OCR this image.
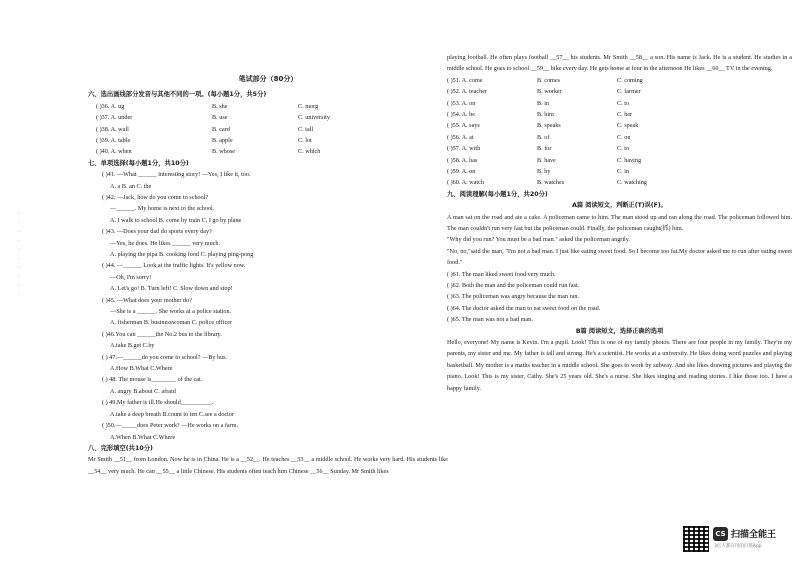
· · · · · · · · · ·
笔试部分（80分）
六、选出画线部分发音与其他不同的一项。(每小题1分，共5分)
( )36. A. ug	B. she	C. morg
( )37. A. under	B. use	C. university
( )38. A. wall	B. card	C. tall
( )39. A. table	B. apple	C. lot
( )40. A. when	B. whose	C. which
七、单项选择(每小题1分，共10分)
( )41. —What ______ interesting story! —Yes, I like it, too.
A. a B. an C. the
( )42. —Jack, how do you come to school?
—______. My home is next to the school.
A. I walk to school B. come by train C. I go by plane
( )43. —Does your dad do sports every day?
—Yes, he does. He likes ______ very much.
A. playing the pipa B. cooking food C. playing ping-pong
( )44. —______ Look at the traffic lights. It's yellow now.
—Oh, I'm sorry!
A. Let's go! B. Turn left! C. Slow down and stop!
( )45. —What does your mother do?
—She is a ______. She works at a police station.
A. fisherman B. businesswoman C. police officer
( )46.You can ______the No.2 bus to the library.
A.take B.get C.by
( ) 47.—______do you come to school? —By bus.
A.How B.What C.Where
( ) 48. The mouse is________ of the cat.
A. angry B.about C. afraid
( ) 49.My father is ill.He should__________.
A.take a deep breath B.count to ten C.see a doctor
( )50.—_____does Peter work? —He works on a farm.
A.When B.What C.Where
八、完形填空(共10分)
Mr Smith __51__ from London. Now he is in China. He is a __52__. He teaches __53__ a middle school. He works very hard. His students like __54__ very much. He can __55__ a little Chinese. His students often teach him Chinese __56__ Sunday. Mr Smith likes
playing football. He often plays football __57__ his students. Mr Smith __58__ a son. His name is Jack. He is a student. He studies in a middle school. He goes to school __59__ bike every day. He gets home at four in the afternoon He likes __60__ TV in the evening.
( )51. A. come	B. comes	C. coming
( )52. A. teacher	B. worker	C. farmer
( )53. A. on	B. in	C. to
( )54. A. he	B. him	C. her
( )55. A. says	B. speaks	C. speak
( )56. A. at	B. of	C. on
( )57. A. with	B. for	C. to
( )58. A. has	B. have	C. having
( )59. A. on	B. by	C. in
( )60. A. watch	B. watches	C. watching
九、阅读理解(每小题1分，共20分)
A篇 阅读短文，判断正(T)误(F)。
A man sat on the road and ate a cake. A policeman came to him. The man stood up and ran along the road. The policeman followed him. The man couldn't run very fast but the policeman could. Finally, the policeman caught(抓) him.
"Why did you run? You must be a bad man." asked the policeman angrily.
"No, no,"said the man, "I'm not a bad man. I just like eating sweet food. So I become too fat.My doctor asked me to run after eating sweet food."
( )61. The man liked sweet food very much.
( )62. Both the man and the policeman could run fast.
( )63. The policeman was angry because the man ran.
( )64. The doctor asked the man to eat sweet food on the road.
( )65. The man was not a bad man.
B篇 阅读短文，选择正确的选项
Hello, everyone! My name is Kevin. I'm a pupil. Look! This is one of my family photos. There are four people in my family. They're my parents, my sister and me. My father is tall and strong. He's a scientist. He works at a university. He likes doing word puzzles and playing basketball. My mother is a maths teacher in a middle school. She goes to work by subway. And she likes drawing pictures and playing the piano. Look! This is my sister, Cathy. She's 25 years old. She's a nurse. She likes singing and reading stories. I like those too. I have a happy family.
CS 扫描全能王
3亿人都在用的扫描App
